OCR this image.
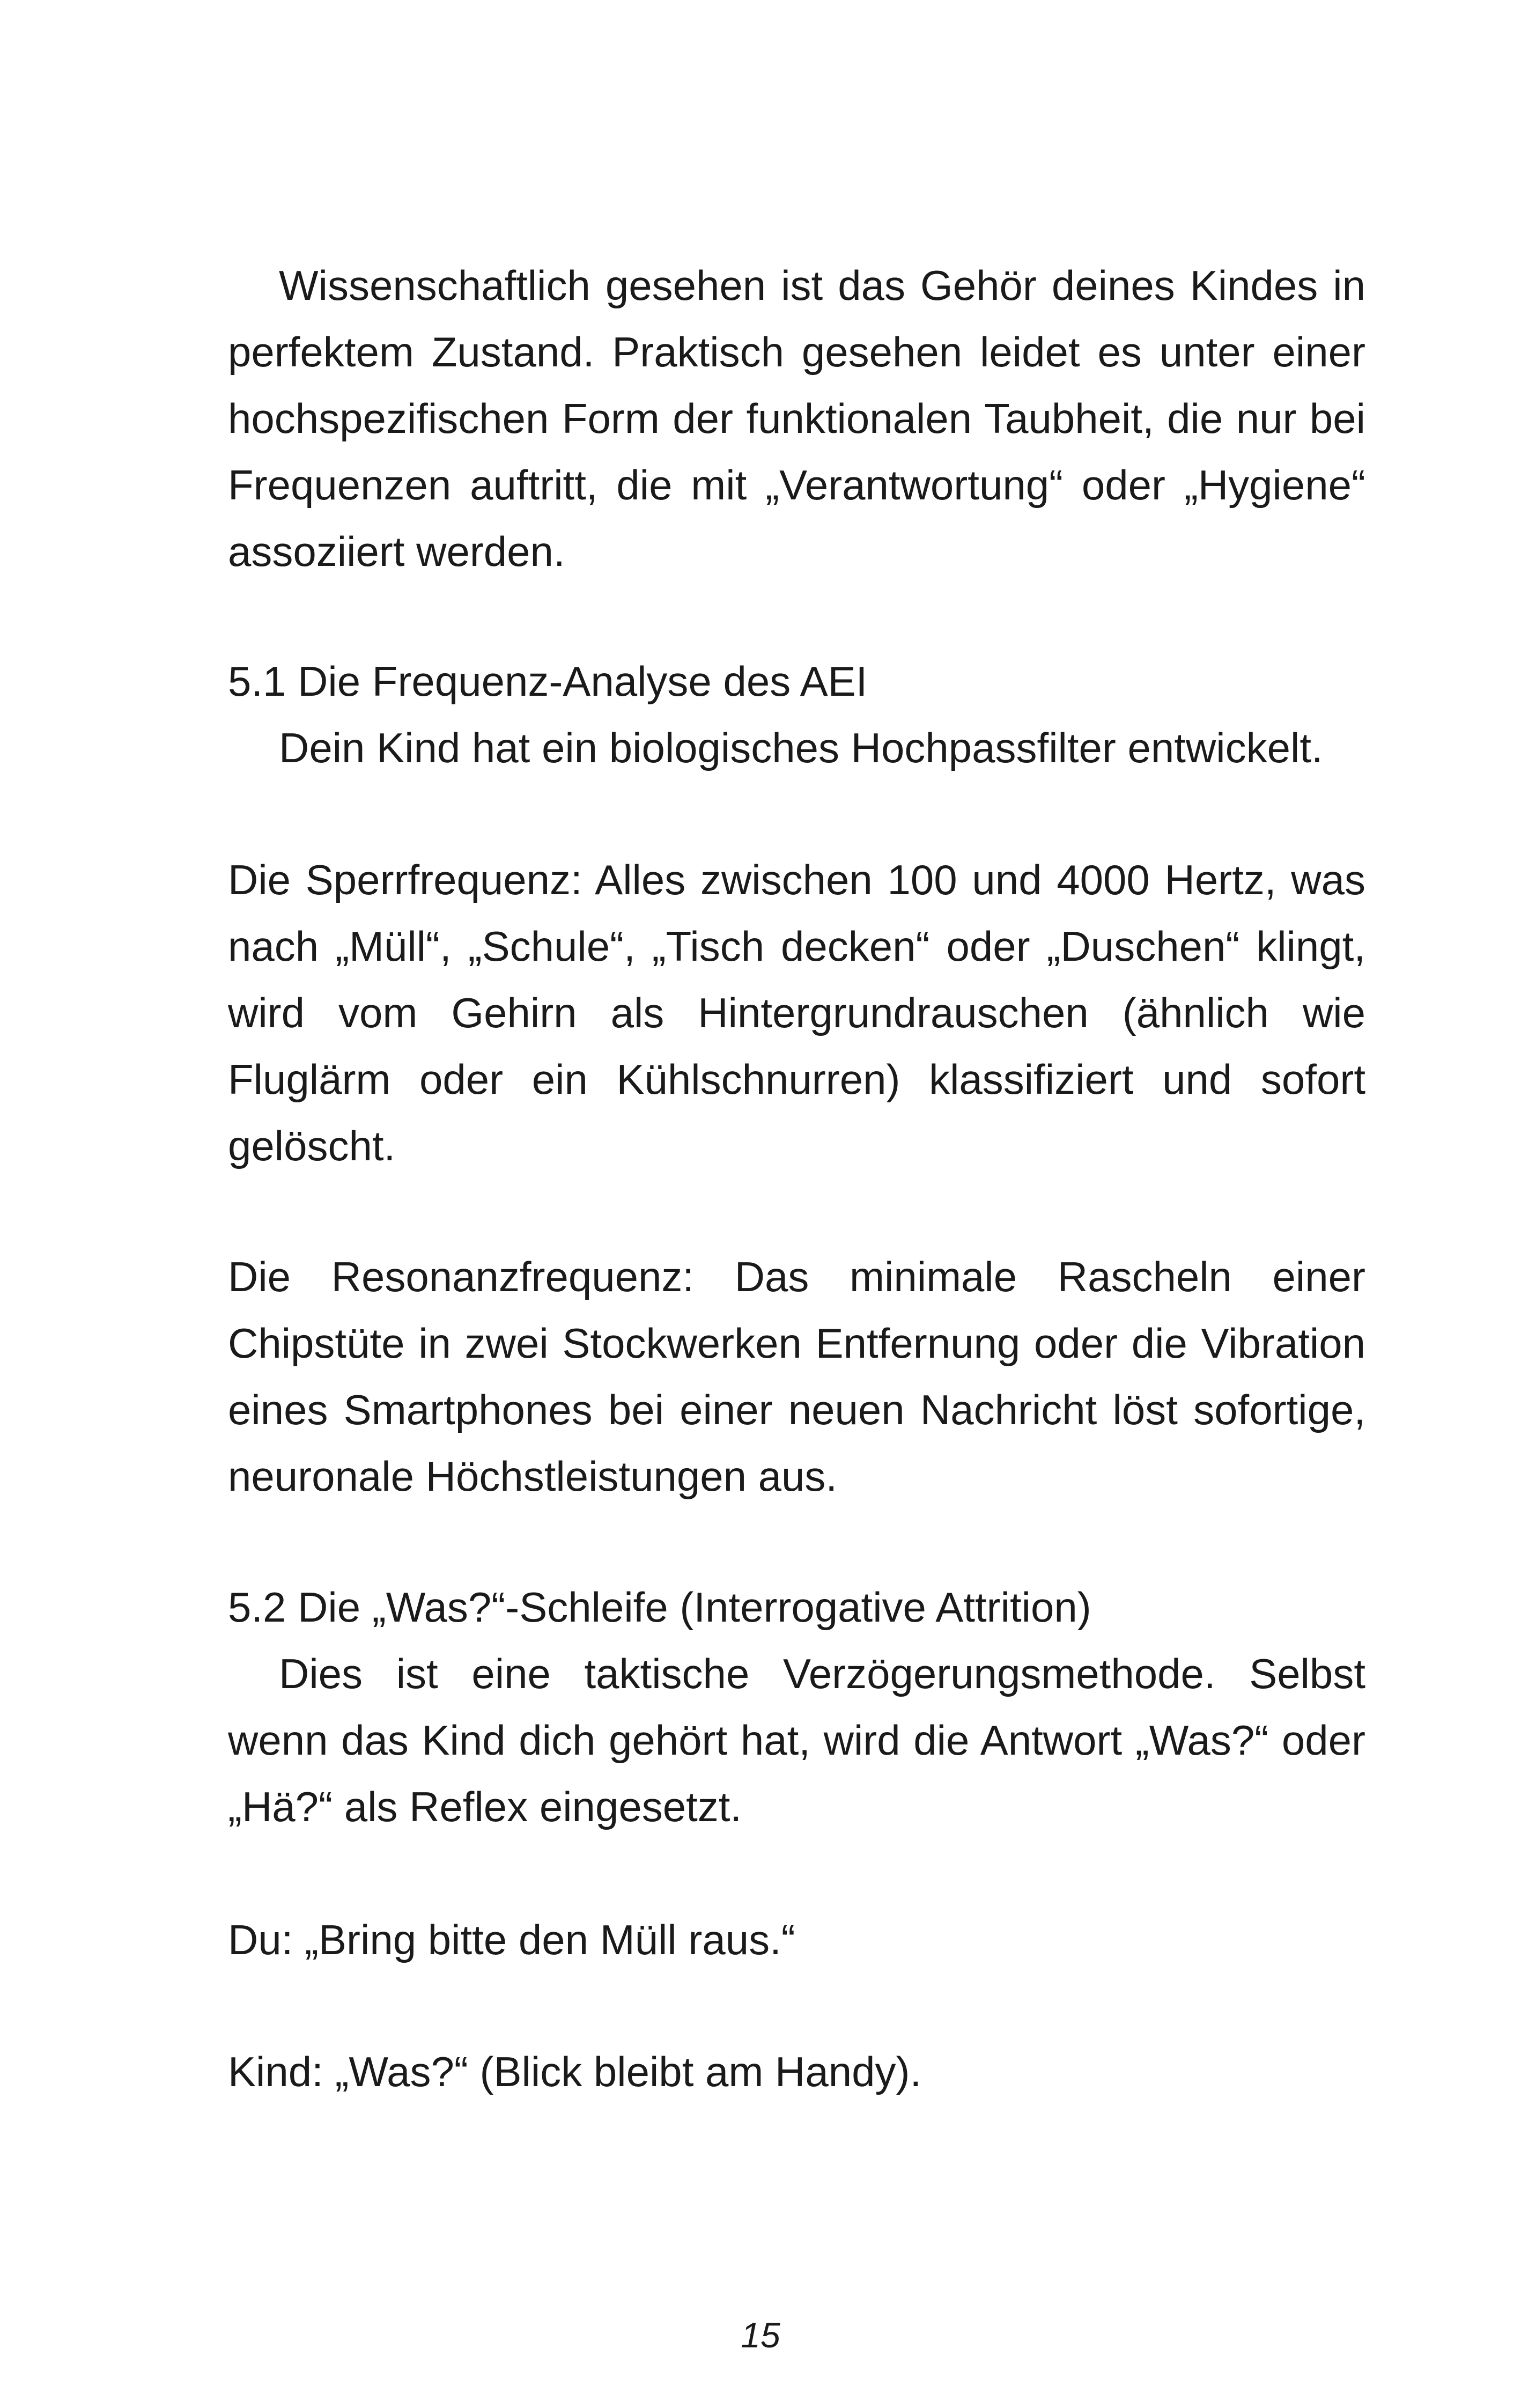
Wissenschaftlich gesehen ist das Gehör deines Kindes in perfektem Zustand. Praktisch gesehen leidet es unter einer hochspezifischen Form der funktionalen Taubheit, die nur bei Frequenzen auftritt, die mit „Verantwortung“ oder „Hygiene“ assoziiert werden.

5.1 Die Frequenz-Analyse des AEI

Dein Kind hat ein biologisches Hochpassfilter entwickelt.

Die Sperrfrequenz: Alles zwischen 100 und 4000 Hertz, was nach „Müll“, „Schule“, „Tisch decken“ oder „Duschen“ klingt, wird vom Gehirn als Hintergrundrauschen (ähnlich wie Fluglärm oder ein Kühlschnurren) klassifiziert und sofort gelöscht.

Die Resonanzfrequenz: Das minimale Rascheln einer Chipstüte in zwei Stockwerken Entfernung oder die Vibration eines Smartphones bei einer neuen Nachricht löst sofortige, neuronale Höchstleistungen aus.

5.2 Die „Was?“-Schleife (Interrogative Attrition)

Dies ist eine taktische Verzögerungsmethode. Selbst wenn das Kind dich gehört hat, wird die Antwort „Was?“ oder „Hä?“ als Reflex eingesetzt.

Du: „Bring bitte den Müll raus.“

Kind: „Was?“ (Blick bleibt am Handy).

15
